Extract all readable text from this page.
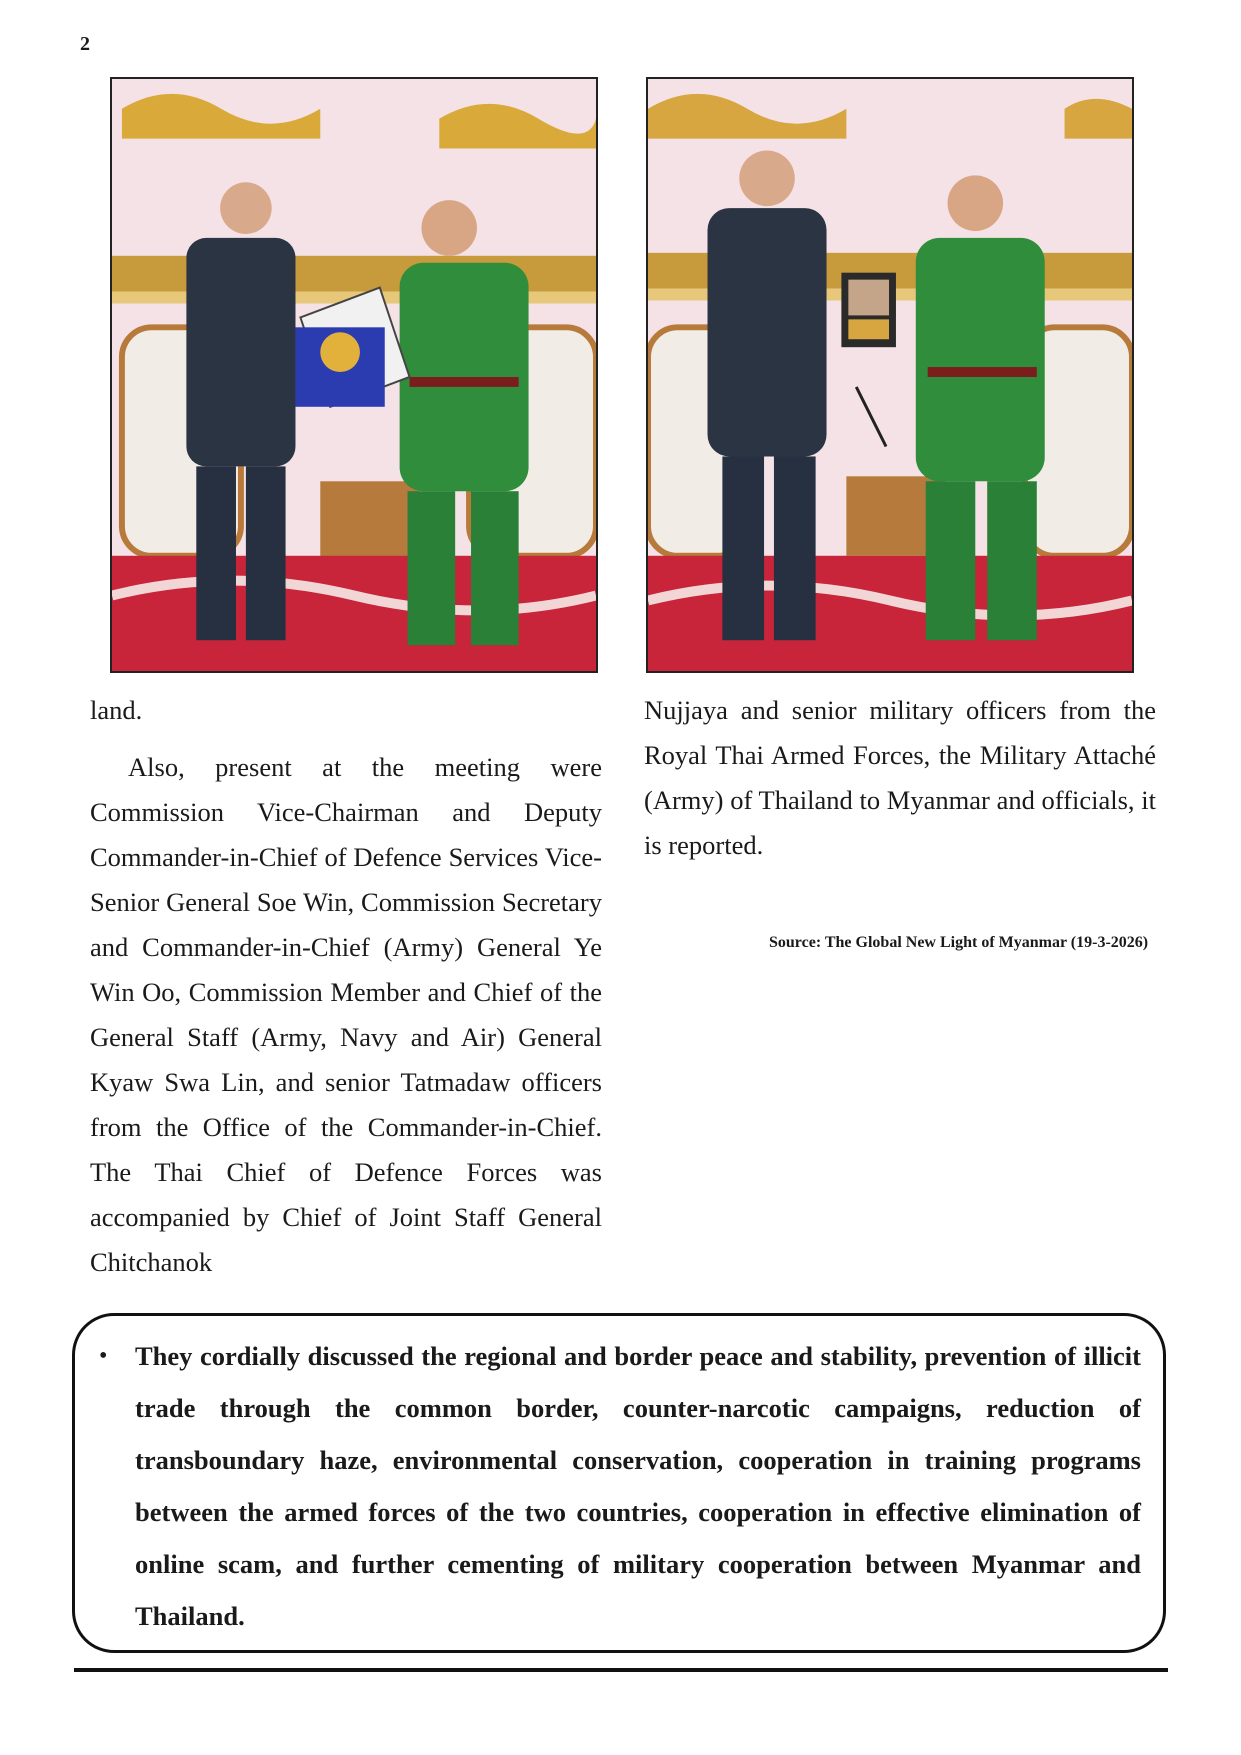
2

land.

Also, present at the meeting were Commission Vice-Chairman and Deputy Commander-in-Chief of Defence Services Vice-Senior General Soe Win, Commission Secretary and Commander-in-Chief (Army) General Ye Win Oo, Commission Member and Chief of the General Staff (Army, Navy and Air) General Kyaw Swa Lin, and senior Tatmadaw officers from the Office of the Commander-in-Chief. The Thai Chief of Defence Forces was accompanied by Chief of Joint Staff General Chitchanok

Nujjaya and senior military officers from the Royal Thai Armed Forces, the Military Attaché (Army) of Thailand to Myanmar and officials, it is reported.

Source: The Global New Light of Myanmar (19-3-2026)
• They cordially discussed the regional and border peace and stability, prevention of illicit trade through the common border, counter-narcotic campaigns, reduction of transboundary haze, environmental conservation, cooperation in training programs between the armed forces of the two countries, cooperation in effective elimination of online scam, and further cementing of military cooperation between Myanmar and Thailand.
